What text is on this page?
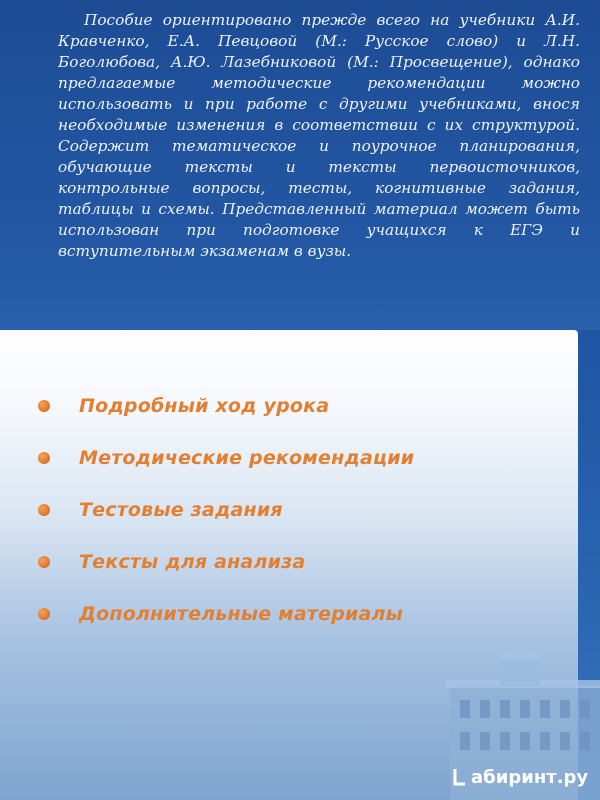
Пособие ориентировано прежде всего на учебники А.И. Кравченко, Е.А. Певцовой (М.: Русское слово) и Л.Н. Боголюбова, А.Ю. Лазебниковой (М.: Просвещение), однако предлагаемые методические рекомендации можно использовать и при работе с другими учебниками, внося необходимые изменения в соответствии с их структурой. Содержит тематическое и поурочное планирования, обучающие тексты и тексты первоисточников, контрольные вопросы, тесты, когнитивные задания, таблицы и схемы. Представленный материал может быть использован при подготовке учащихся к ЕГЭ и вступительным экзаменам в вузы.

Подробный ход урока
Методические рекомендации
Тестовые задания
Тексты для анализа
Дополнительные материалы
абиринт.ру
